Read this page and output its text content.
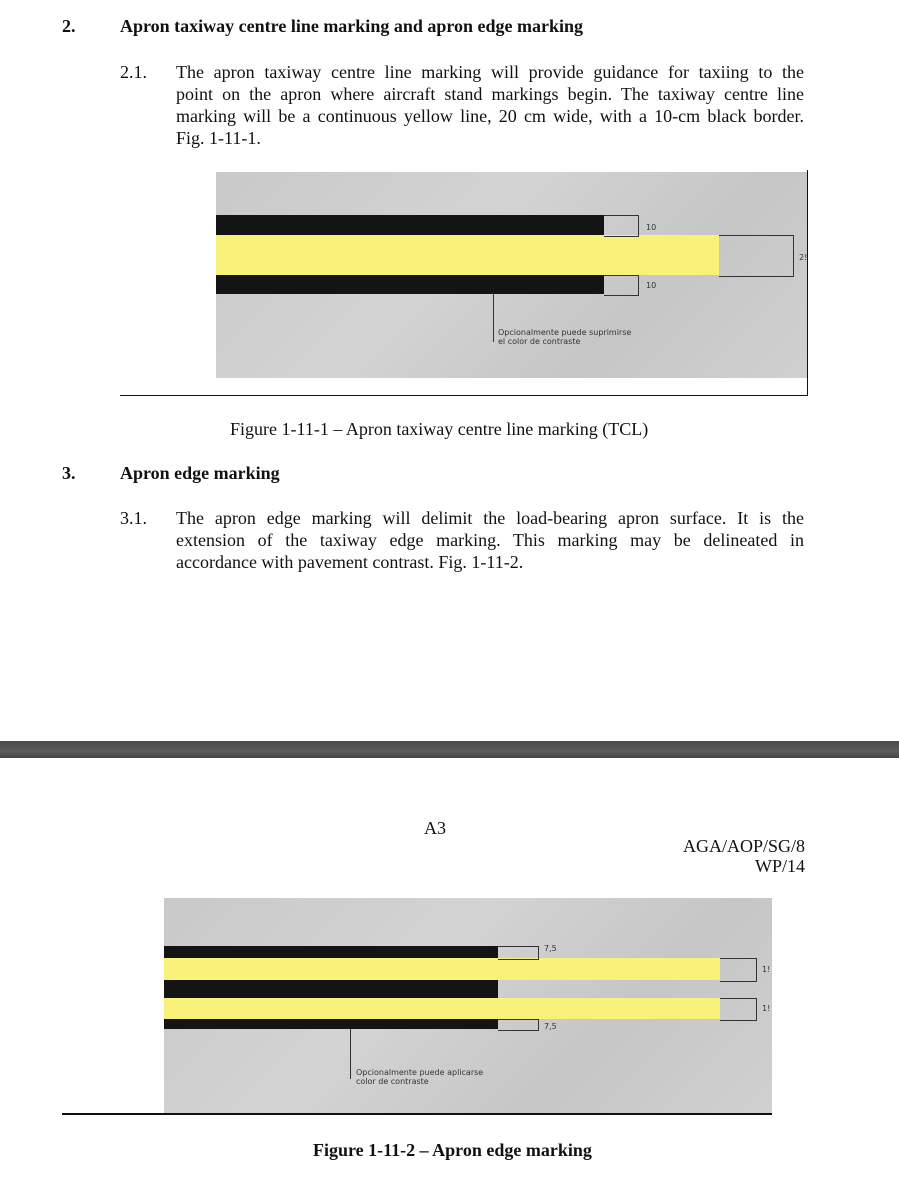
2. Apron taxiway centre line marking and apron edge marking
2.1. The apron taxiway centre line marking will provide guidance for taxiing to the
point on the apron where aircraft stand markings begin. The taxiway centre line
marking will be a continuous yellow line, 20 cm wide, with a 10-cm black border.
Fig. 1-11-1.
10
10
2!
Opcionalmente puede suprimirse
el color de contraste
Figure 1-11-1 – Apron taxiway centre line marking (TCL)
3. Apron edge marking
3.1. The apron edge marking will delimit the load-bearing apron surface. It is the
extension of the taxiway edge marking. This marking may be delineated in
accordance with pavement contrast. Fig. 1-11-2.
A3
AGA/AOP/SG/8
WP/14
7,5
7,5
1!
1!
Opcionalmente puede aplicarse
color de contraste
Figure 1-11-2 – Apron edge marking
